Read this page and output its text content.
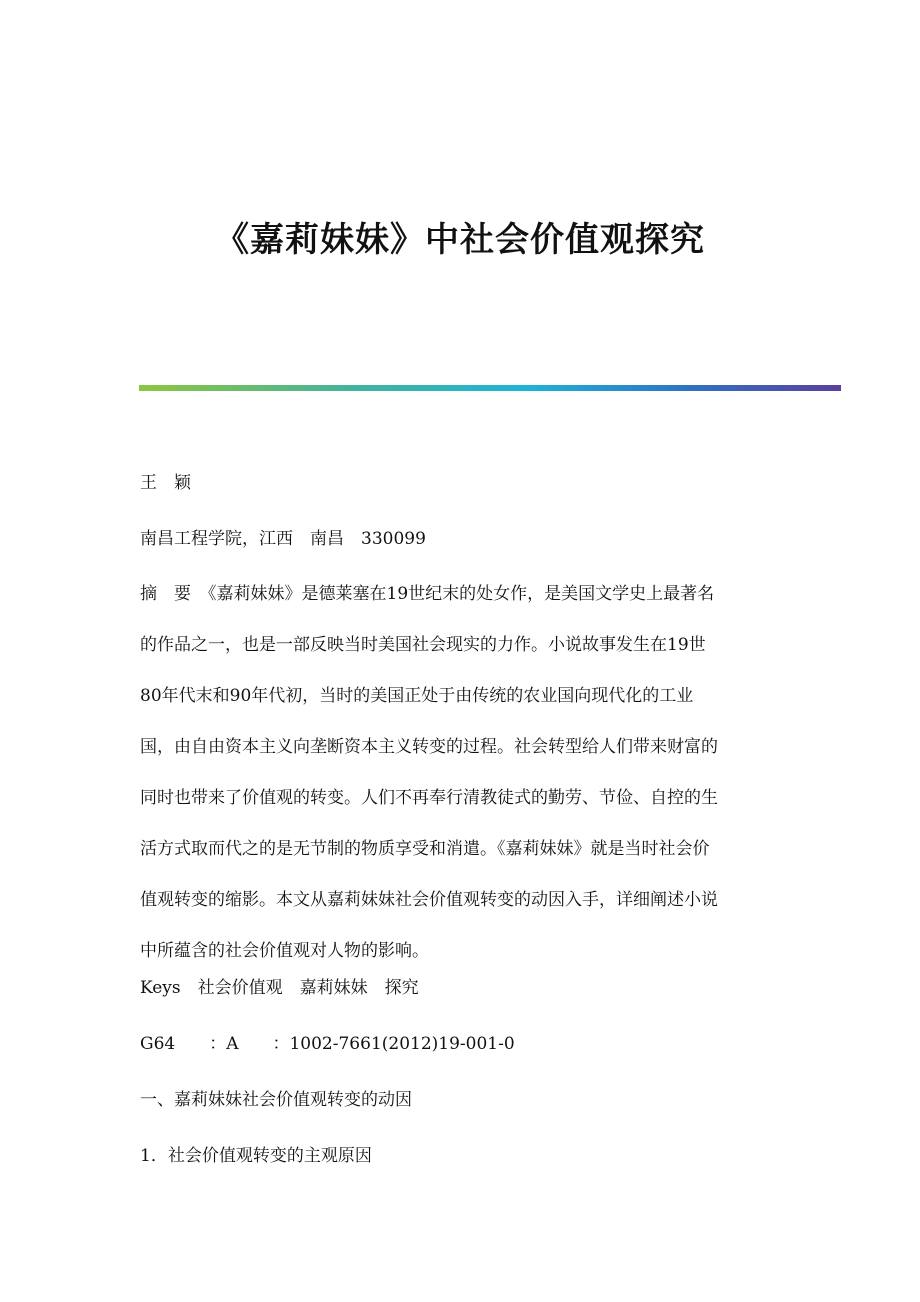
《嘉莉妹妹》中社会价值观探究
王　颖
南昌工程学院，江西　南昌　330099
摘　要　《嘉莉妹妹》是德莱塞在19世纪末的处女作，是美国文学史上最著名
的作品之一，也是一部反映当时美国社会现实的力作。小说故事发生在19世
80年代末和90年代初，当时的美国正处于由传统的农业国向现代化的工业
国，由自由资本主义向垄断资本主义转变的过程。社会转型给人们带来财富的
同时也带来了价值观的转变。人们不再奉行清教徒式的勤劳、节俭、自控的生
活方式取而代之的是无节制的物质享受和消遣。《嘉莉妹妹》就是当时社会价
值观转变的缩影。本文从嘉莉妹妹社会价值观转变的动因入手，详细阐述小说
中所蕴含的社会价值观对人物的影响。
Keys　社会价值观　嘉莉妹妹　探究
G64　　：A　　：1002-7661(2012)19-001-0
一、嘉莉妹妹社会价值观转变的动因
1．社会价值观转变的主观原因
